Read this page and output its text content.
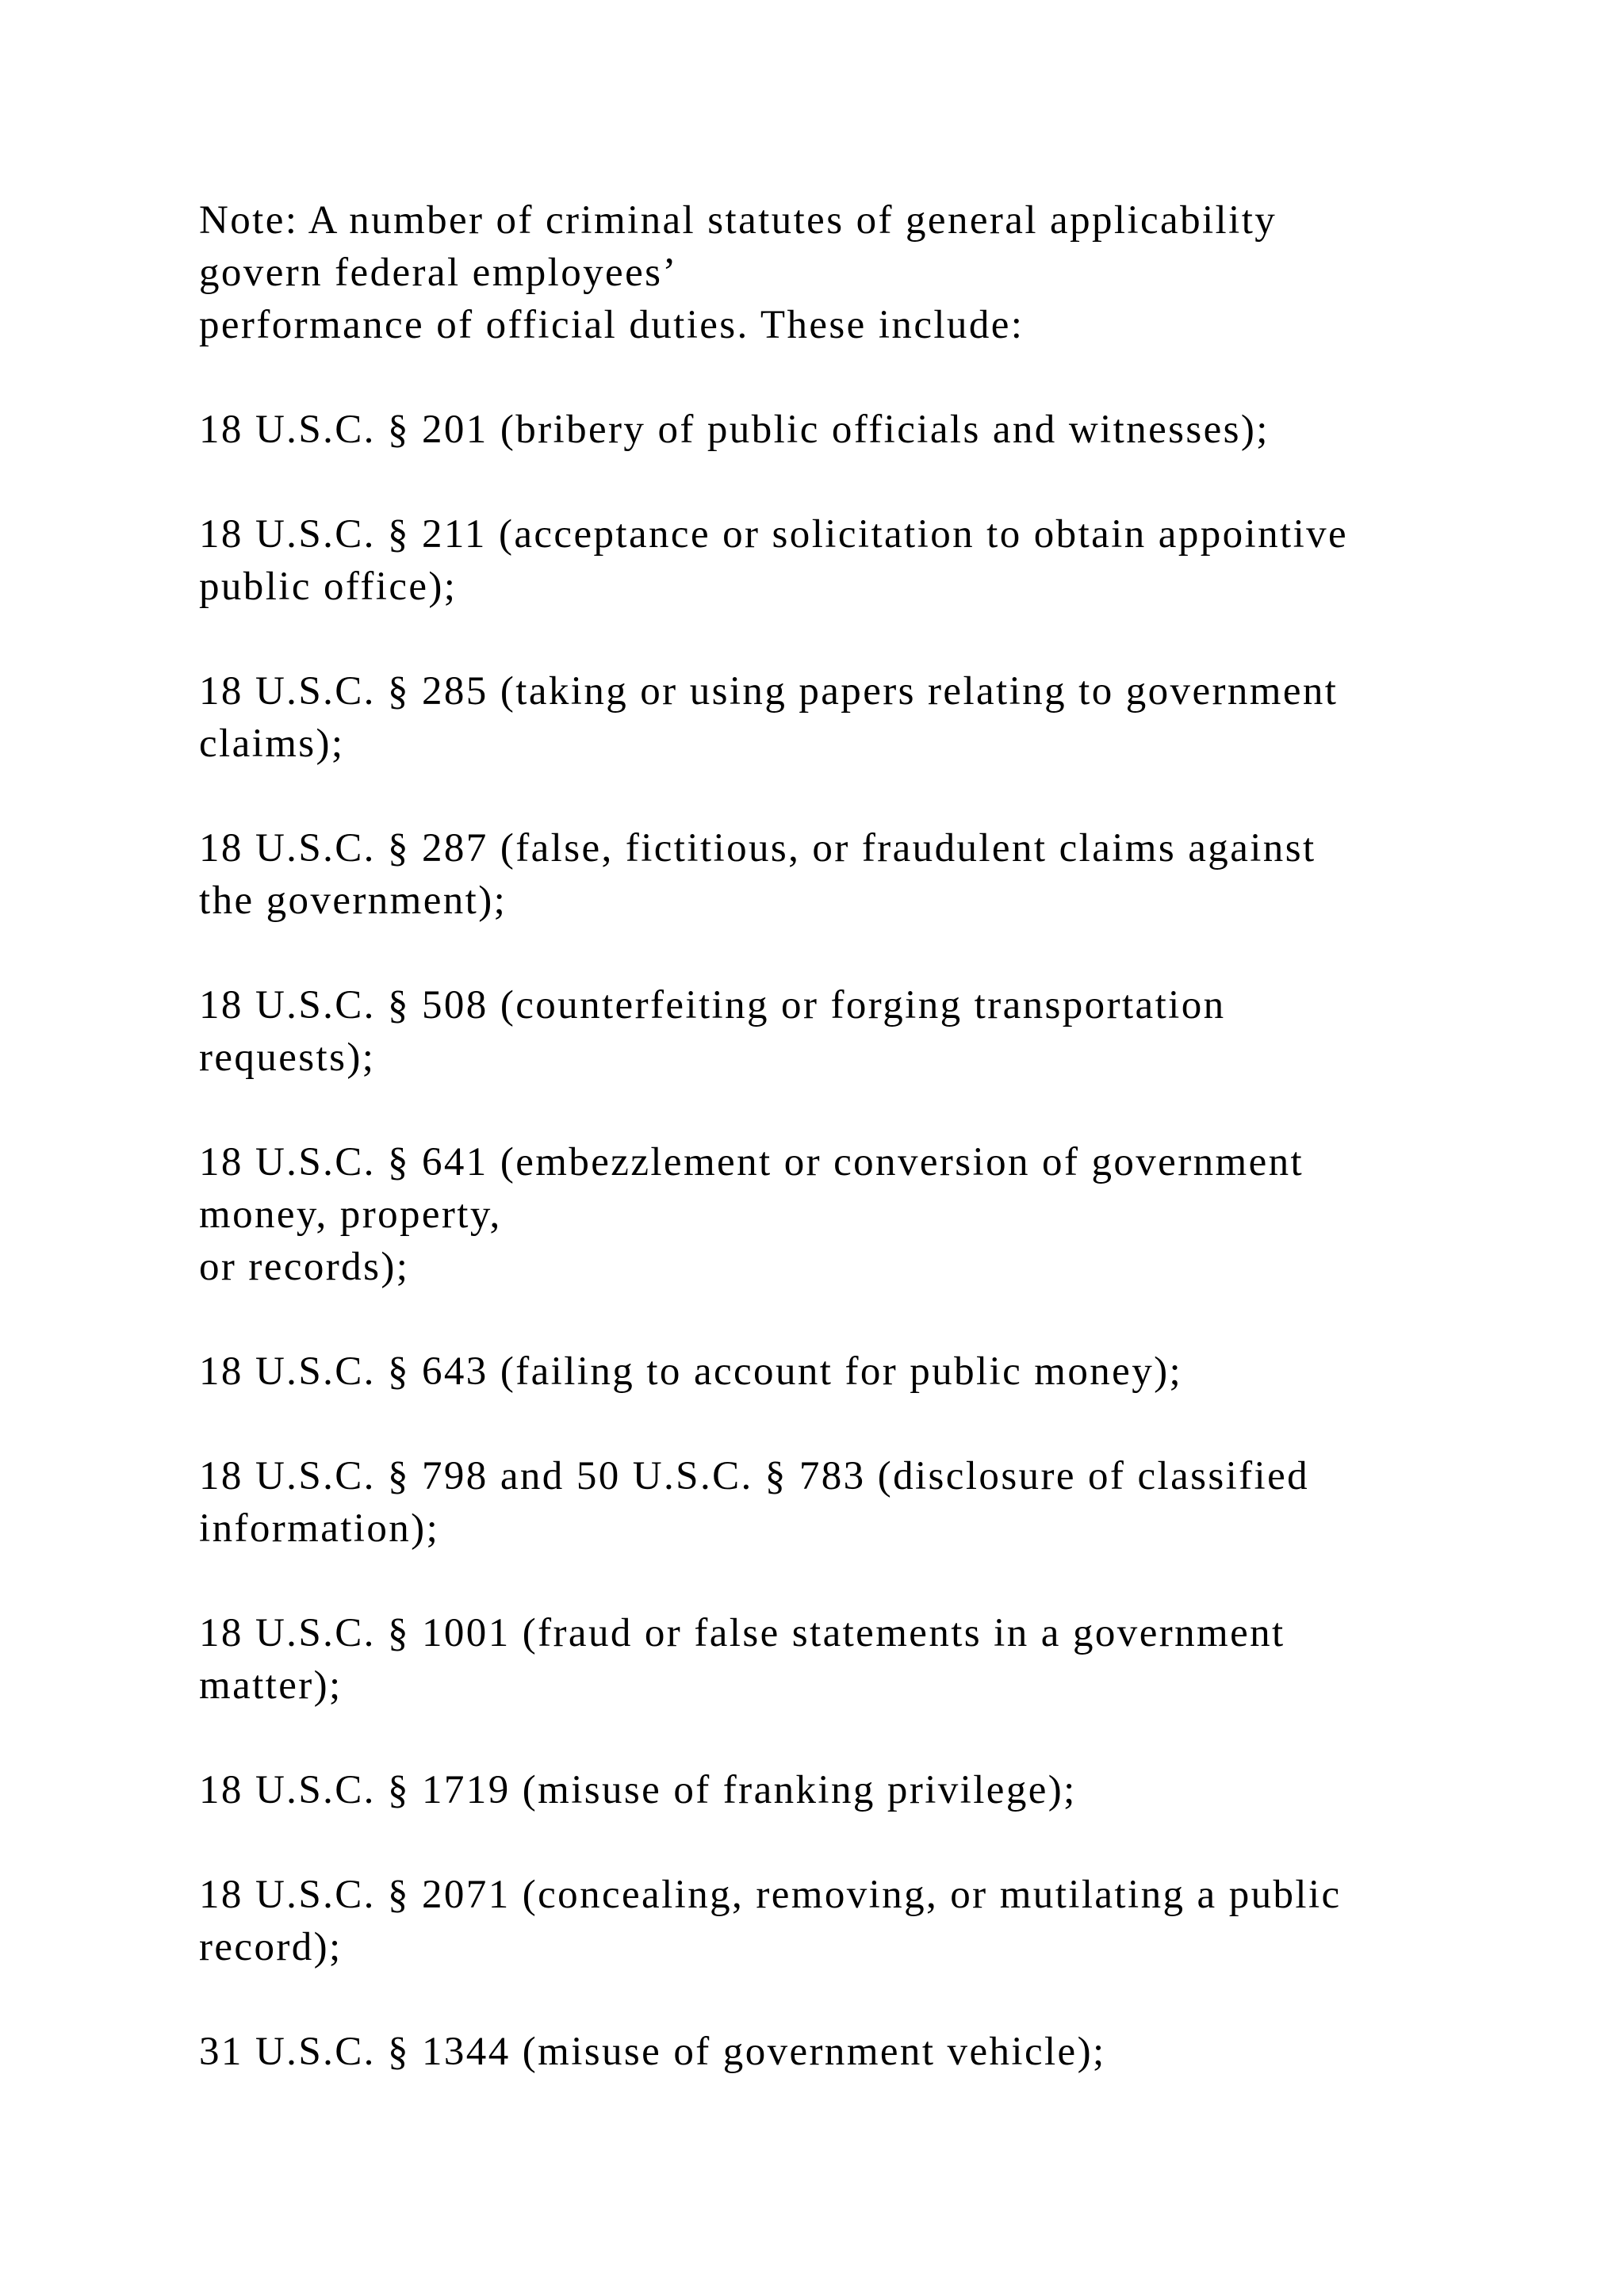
Note: A number of criminal statutes of general applicability
govern federal employees’
performance of official duties. These include:

18 U.S.C. § 201 (bribery of public officials and witnesses);

18 U.S.C. § 211 (acceptance or solicitation to obtain appointive
public office);

18 U.S.C. § 285 (taking or using papers relating to government
claims);

18 U.S.C. § 287 (false, fictitious, or fraudulent claims against
the government);

18 U.S.C. § 508 (counterfeiting or forging transportation
requests);

18 U.S.C. § 641 (embezzlement or conversion of government
money, property,
or records);

18 U.S.C. § 643 (failing to account for public money);

18 U.S.C. § 798 and 50 U.S.C. § 783 (disclosure of classified
information);

18 U.S.C. § 1001 (fraud or false statements in a government
matter);

18 U.S.C. § 1719 (misuse of franking privilege);

18 U.S.C. § 2071 (concealing, removing, or mutilating a public
record);

31 U.S.C. § 1344 (misuse of government vehicle);
